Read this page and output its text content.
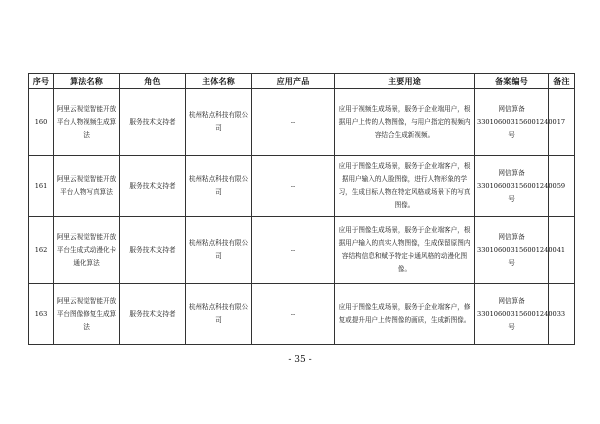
序号	算法名称	角色	主体名称	应用产品	主要用途	备案编号	备注
160	阿里云视觉智能开放平台人物视频生成算法	服务技术支持者	杭州粘点科技有限公司	--	应用于视频生成场景，服务于企业端用户，根据用户上传的人物图像，与用户指定的视频内容结合生成新视频。	网信算备330106003156001240017号	
161	阿里云视觉智能开放平台人物写真算法	服务技术支持者	杭州粘点科技有限公司	--	应用于图像生成场景，服务于企业端客户，根据用户输入的人脸图像，进行人物形象的学习，生成目标人物在特定风格或场景下的写真图像。	网信算备330106003156001240059号	
162	阿里云视觉智能开放平台生成式动漫化卡通化算法	服务技术支持者	杭州粘点科技有限公司	--	应用于图像生成场景，服务于企业端客户，根据用户输入的真实人物图像，生成保留原图内容结构信息和赋予特定卡通风格的动漫化图像。	网信算备330106003156001240041号	
163	阿里云视觉智能开放平台图像修复生成算法	服务技术支持者	杭州粘点科技有限公司	--	应用于图像生成场景，服务于企业端客户，修复或提升用户上传图像的画质，生成新图像。	网信算备330106003156001240033号	
- 35 -
